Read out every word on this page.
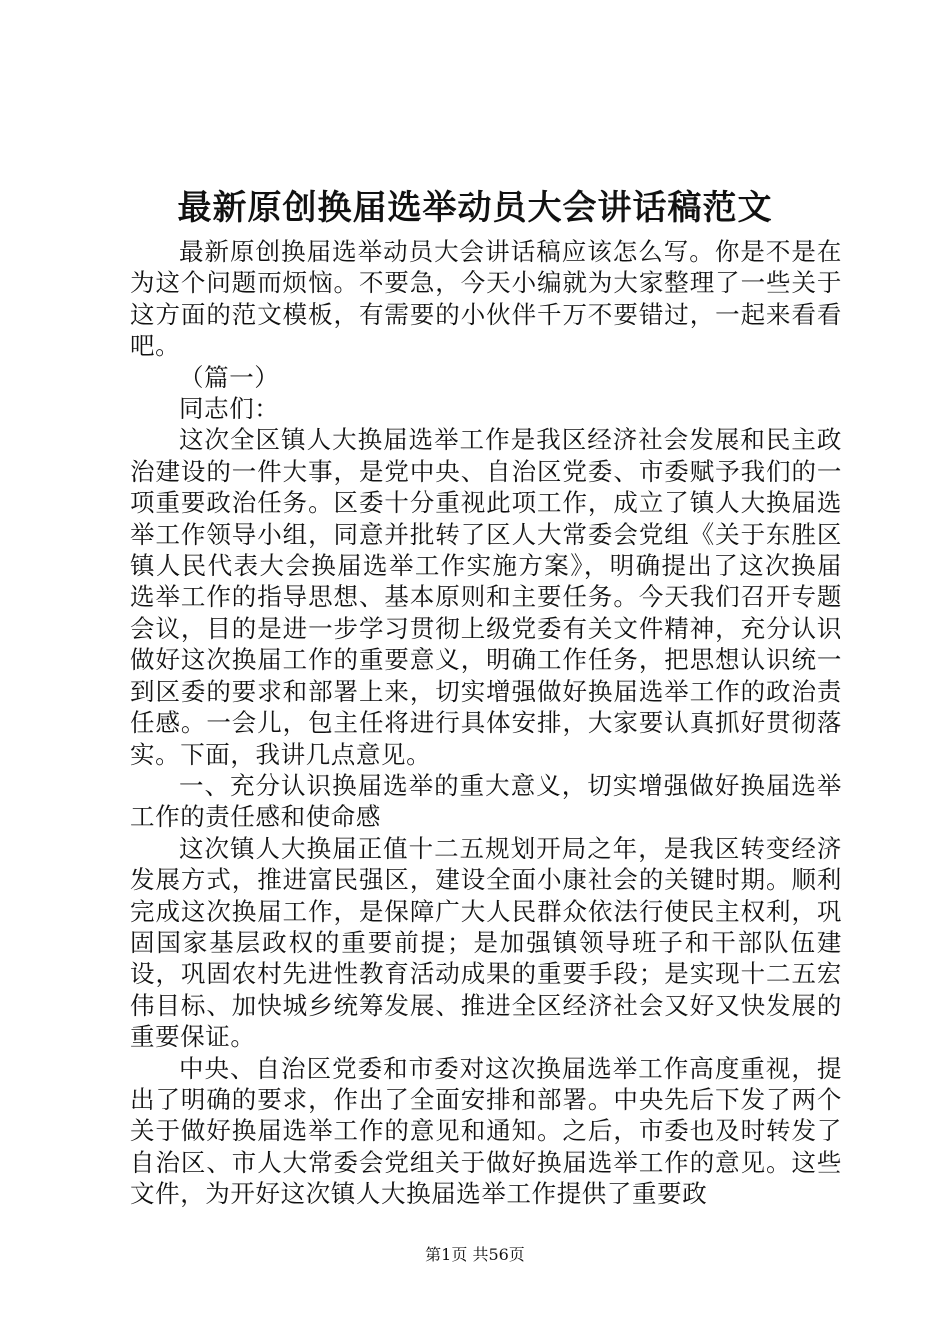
最新原创换届选举动员大会讲话稿范文

最新原创换届选举动员大会讲话稿应该怎么写。你是不是在为这个问题而烦恼。不要急，今天小编就为大家整理了一些关于这方面的范文模板，有需要的小伙伴千万不要错过，一起来看看吧。

（篇一）

同志们：

这次全区镇人大换届选举工作是我区经济社会发展和民主政治建设的一件大事，是党中央、自治区党委、市委赋予我们的一项重要政治任务。区委十分重视此项工作，成立了镇人大换届选举工作领导小组，同意并批转了区人大常委会党组《关于东胜区镇人民代表大会换届选举工作实施方案》，明确提出了这次换届选举工作的指导思想、基本原则和主要任务。今天我们召开专题会议，目的是进一步学习贯彻上级党委有关文件精神，充分认识做好这次换届工作的重要意义，明确工作任务，把思想认识统一到区委的要求和部署上来，切实增强做好换届选举工作的政治责任感。一会儿，包主任将进行具体安排，大家要认真抓好贯彻落实。下面，我讲几点意见。

一、充分认识换届选举的重大意义，切实增强做好换届选举工作的责任感和使命感

这次镇人大换届正值十二五规划开局之年，是我区转变经济发展方式，推进富民强区，建设全面小康社会的关键时期。顺利完成这次换届工作，是保障广大人民群众依法行使民主权利，巩固国家基层政权的重要前提；是加强镇领导班子和干部队伍建设，巩固农村先进性教育活动成果的重要手段；是实现十二五宏伟目标、加快城乡统筹发展、推进全区经济社会又好又快发展的重要保证。

中央、自治区党委和市委对这次换届选举工作高度重视，提出了明确的要求，作出了全面安排和部署。中央先后下发了两个关于做好换届选举工作的意见和通知。之后，市委也及时转发了自治区、市人大常委会党组关于做好换届选举工作的意见。这些文件，为开好这次镇人大换届选举工作提供了重要政

第1页 共56页
